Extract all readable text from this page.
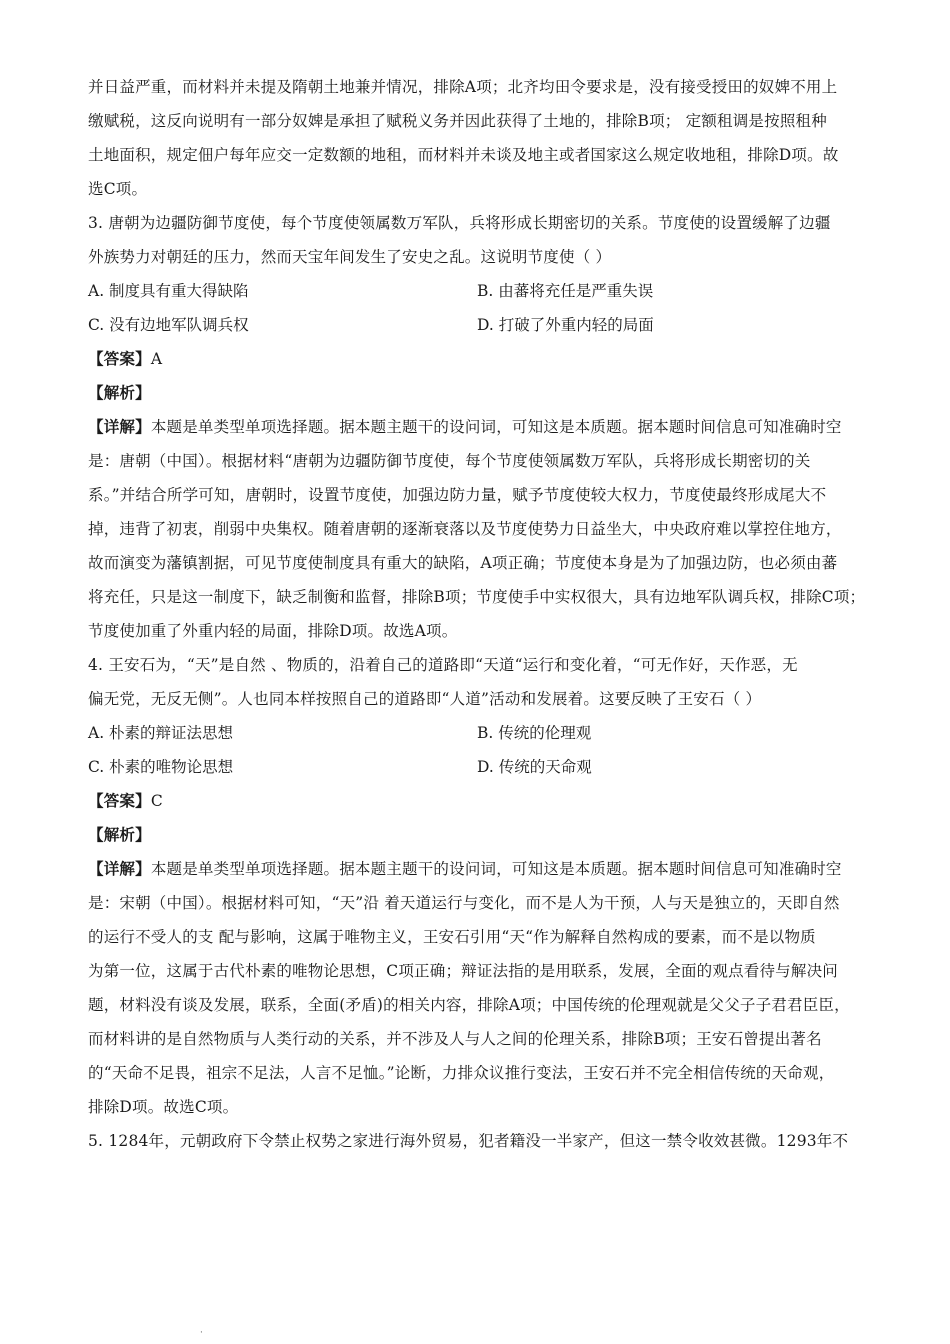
并日益严重，而材料并未提及隋朝土地兼并情况，排除A项；北齐均田令要求是，没有接受授田的奴婢不用上
缴赋税，这反向说明有一部分奴婢是承担了赋税义务并因此获得了土地的，排除B项； 定额租调是按照租种
土地面积，规定佃户每年应交一定数额的地租，而材料并未谈及地主或者国家这么规定收地租，排除D项。故
选C项。
3. 唐朝为边疆防御节度使，每个节度使领属数万军队，兵将形成长期密切的关系。节度使的设置缓解了边疆
外族势力对朝廷的压力，然而天宝年间发生了安史之乱。这说明节度使（ ）
A. 制度具有重大得缺陷	B. 由蕃将充任是严重失误
C. 没有边地军队调兵权	D. 打破了外重内轻的局面
【答案】A
【解析】
【详解】本题是单类型单项选择题。据本题主题干的设问词，可知这是本质题。据本题时间信息可知准确时空
是：唐朝（中国）。根据材料“唐朝为边疆防御节度使，每个节度使领属数万军队，兵将形成长期密切的关
系。”并结合所学可知，唐朝时，设置节度使，加强边防力量，赋予节度使较大权力，节度使最终形成尾大不
掉，违背了初衷，削弱中央集权。随着唐朝的逐渐衰落以及节度使势力日益坐大，中央政府难以掌控住地方，
故而演变为藩镇割据，可见节度使制度具有重大的缺陷，A项正确；节度使本身是为了加强边防，也必须由蕃
将充任，只是这一制度下，缺乏制衡和监督，排除B项；节度使手中实权很大，具有边地军队调兵权，排除C项；
节度使加重了外重内轻的局面，排除D项。故选A项。
4. 王安石为，“天”是自然 、物质的，沿着自己的道路即“天道“运行和变化着，“可无作好，天作恶，无
偏无党，无反无侧”。人也同本样按照自己的道路即“人道”活动和发展着。这要反映了王安石（ ）
A. 朴素的辩证法思想	B. 传统的伦理观
C. 朴素的唯物论思想	D. 传统的天命观
【答案】C
【解析】
【详解】本题是单类型单项选择题。据本题主题干的设问词，可知这是本质题。据本题时间信息可知准确时空
是：宋朝（中国）。根据材料可知，“天”沿 着天道运行与变化，而不是人为干预，人与天是独立的，天即自然
的运行不受人的支 配与影响，这属于唯物主义，王安石引用“天“作为解释自然构成的要素，而不是以物质
为第一位，这属于古代朴素的唯物论思想，C项正确；辩证法指的是用联系，发展，全面的观点看待与解决问
题，材料没有谈及发展，联系，全面(矛盾)的相关内容，排除A项；中国传统的伦理观就是父父子子君君臣臣，
而材料讲的是自然物质与人类行动的关系，并不涉及人与人之间的伦理关系，排除B项；王安石曾提出著名
的“天命不足畏，祖宗不足法，人言不足恤。”论断，力排众议推行变法，王安石并不完全相信传统的天命观，
排除D项。故选C项。
5. 1284年，元朝政府下令禁止权势之家进行海外贸易，犯者籍没一半家产，但这一禁令收效甚微。1293年不
·
